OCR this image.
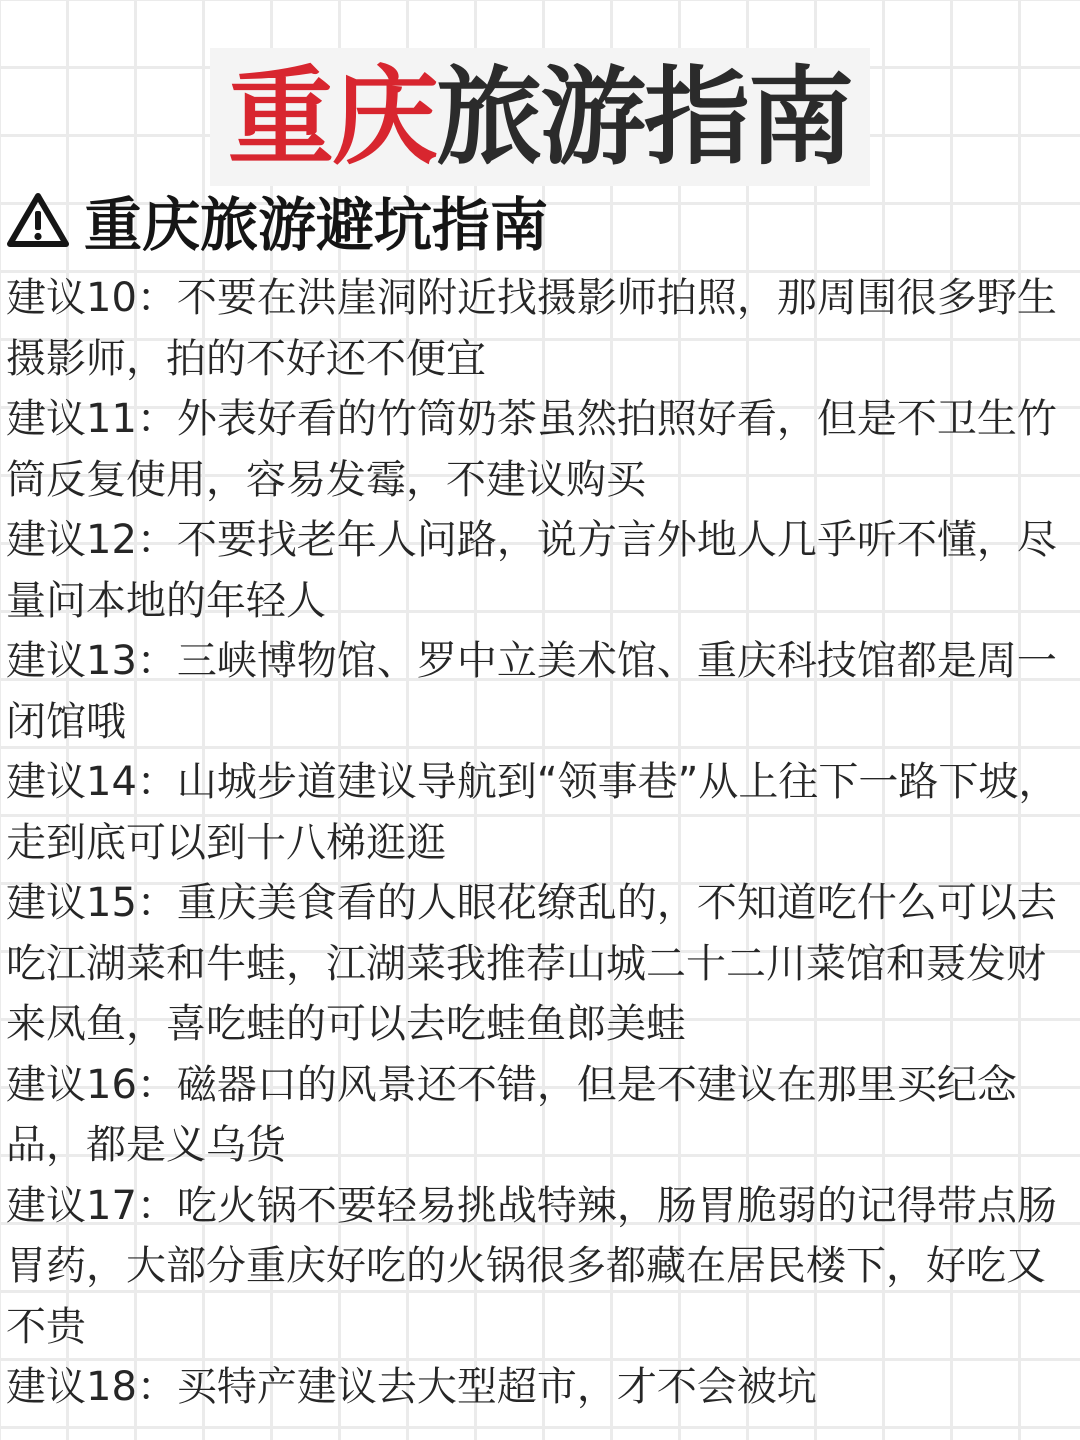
重庆旅游指南
重庆旅游避坑指南
建议10：不要在洪崖洞附近找摄影师拍照，那周围很多野生摄影师，拍的不好还不便宜
建议11：外表好看的竹筒奶茶虽然拍照好看，但是不卫生竹筒反复使用，容易发霉，不建议购买
建议12：不要找老年人问路，说方言外地人几乎听不懂，尽量问本地的年轻人
建议13：三峡博物馆、罗中立美术馆、重庆科技馆都是周一闭馆哦
建议14：山城步道建议导航到“领事巷”从上往下一路下坡，走到底可以到十八梯逛逛
建议15：重庆美食看的人眼花缭乱的，不知道吃什么可以去吃江湖菜和牛蛙，江湖菜我推荐山城二十二川菜馆和聂发财来凤鱼，喜吃蛙的可以去吃蛙鱼郎美蛙
建议16：磁器口的风景还不错，但是不建议在那里买纪念品，都是义乌货
建议17：吃火锅不要轻易挑战特辣，肠胃脆弱的记得带点肠胃药，大部分重庆好吃的火锅很多都藏在居民楼下，好吃又不贵
建议18：买特产建议去大型超市，才不会被坑
